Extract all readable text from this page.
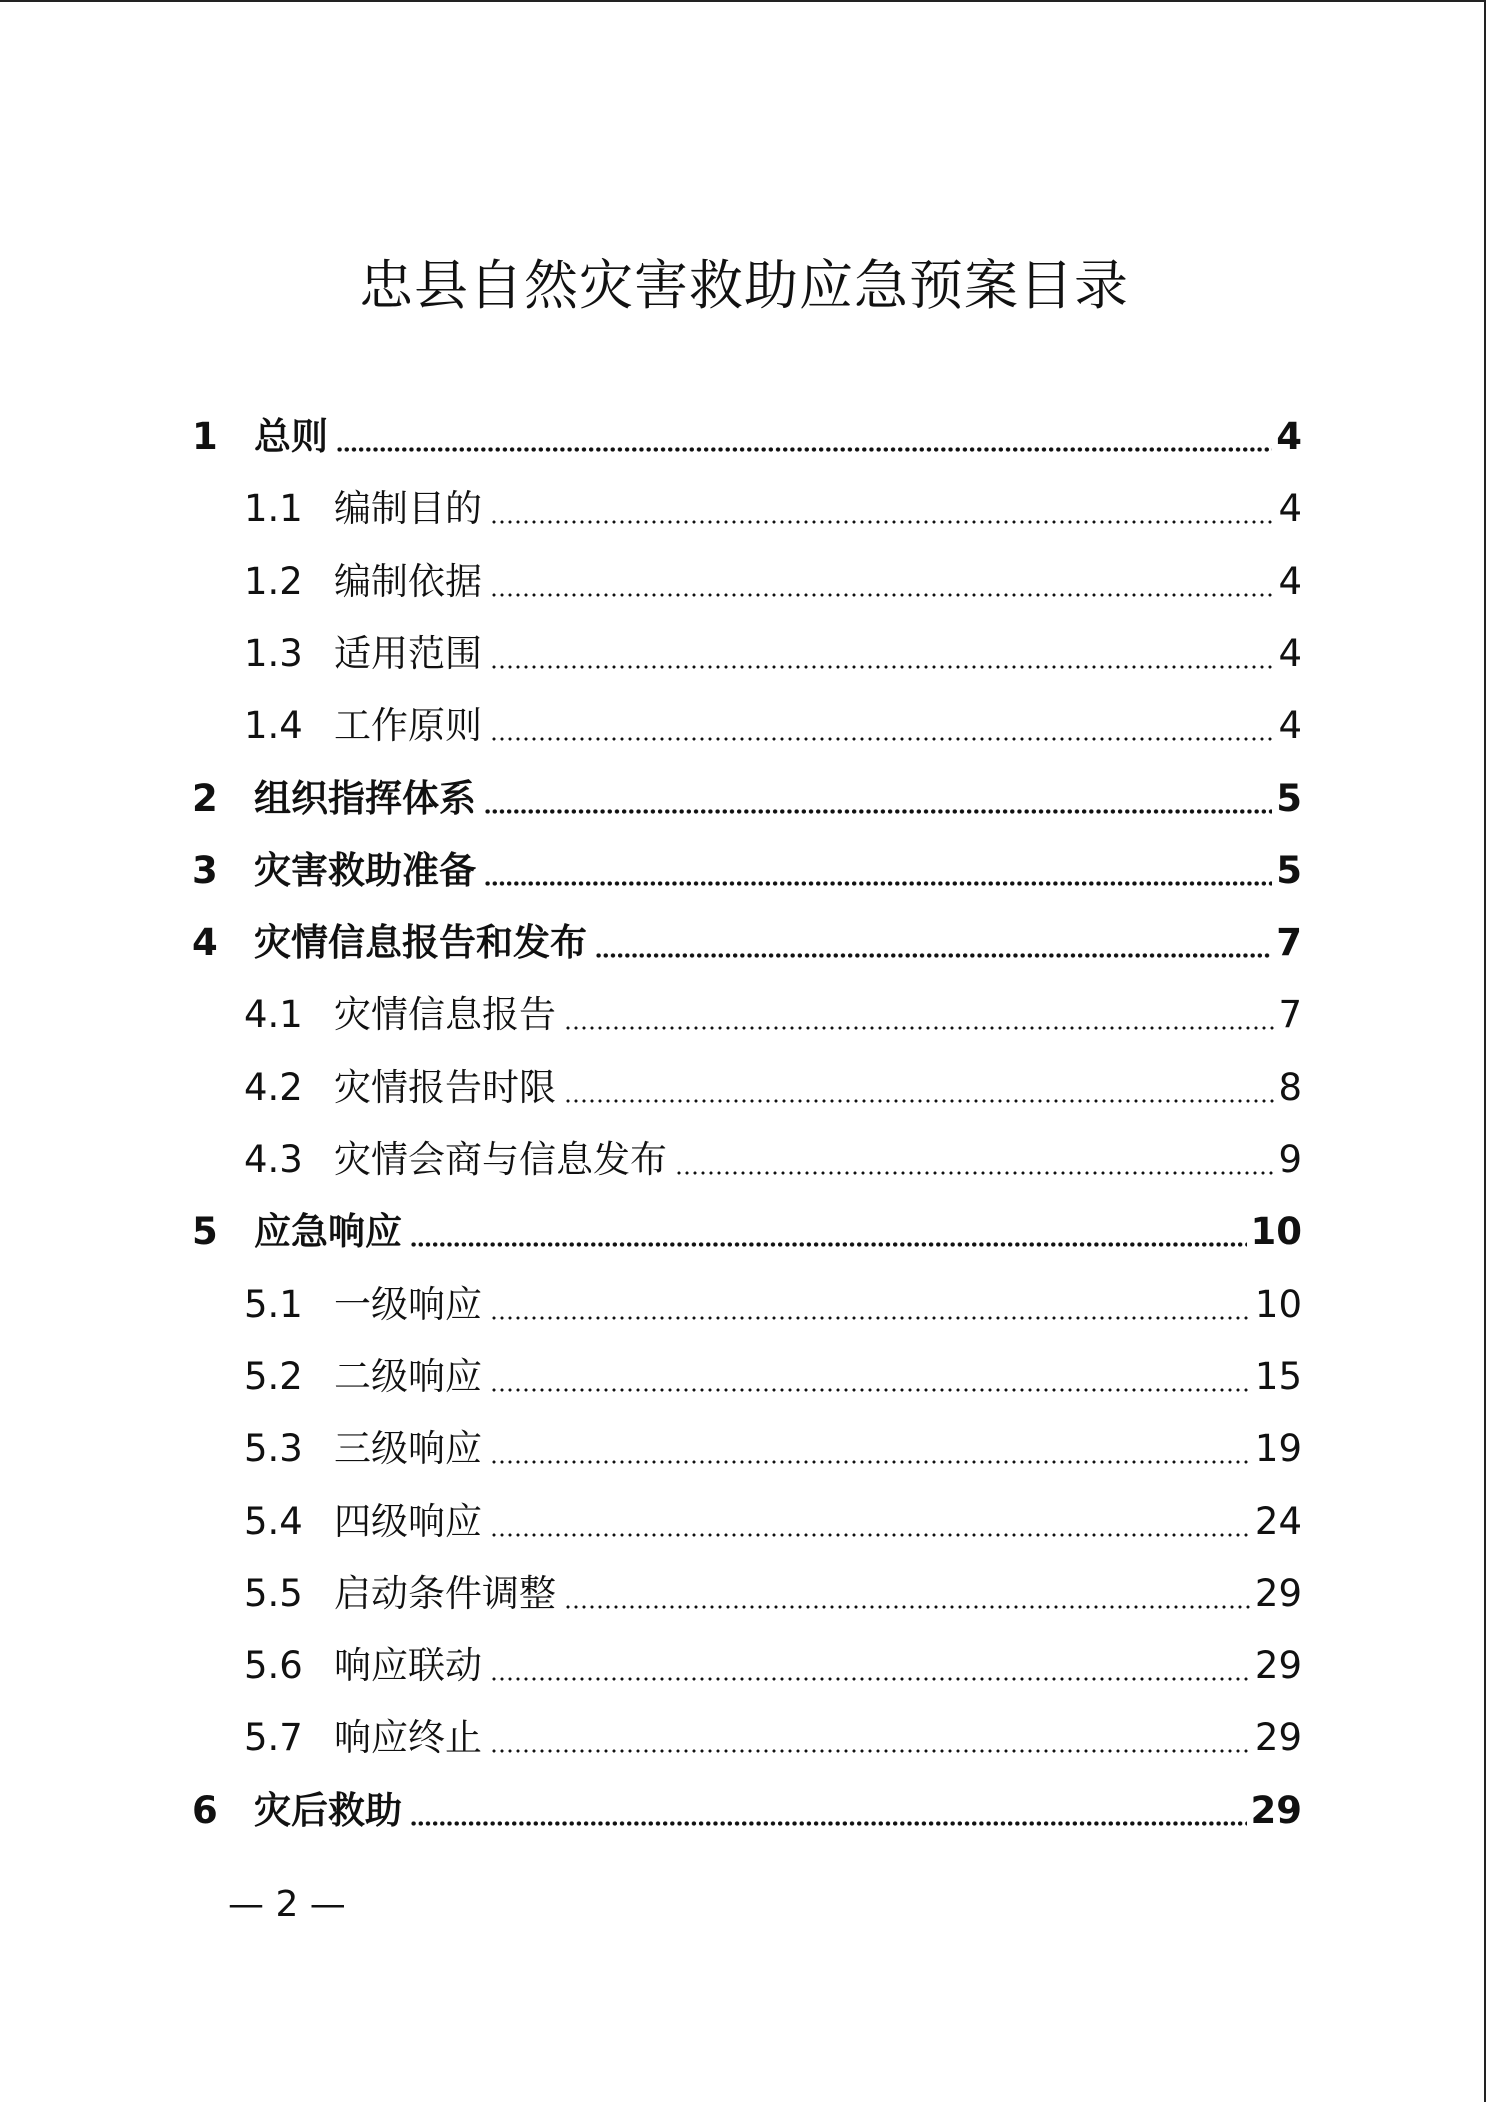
忠县自然灾害救助应急预案目录
1 总则	4
1.1 编制目的	4
1.2 编制依据	4
1.3 适用范围	4
1.4 工作原则	4
2 组织指挥体系	5
3 灾害救助准备	5
4 灾情信息报告和发布	7
4.1 灾情信息报告	7
4.2 灾情报告时限	8
4.3 灾情会商与信息发布	9
5 应急响应	10
5.1 一级响应	10
5.2 二级响应	15
5.3 三级响应	19
5.4 四级响应	24
5.5 启动条件调整	29
5.6 响应联动	29
5.7 响应终止	29
6 灾后救助	29
— 2 —
